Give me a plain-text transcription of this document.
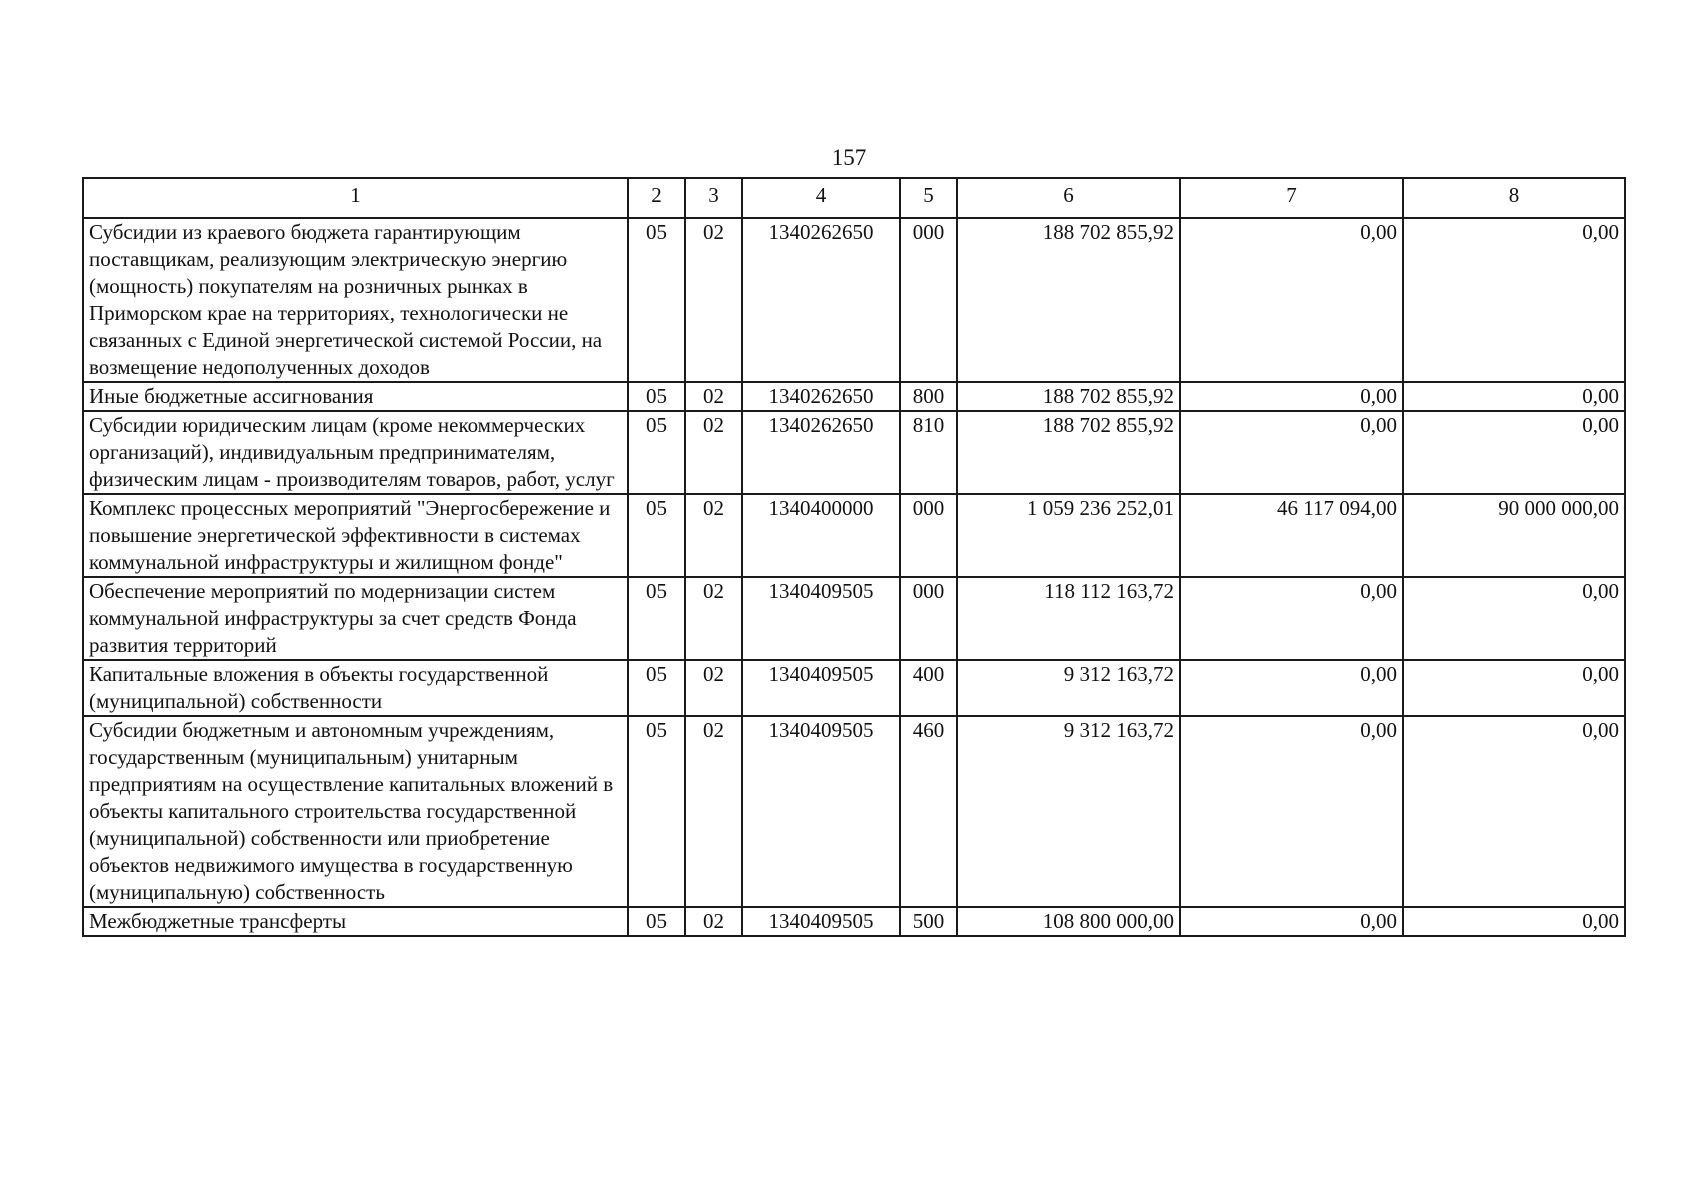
157
1	2	3	4	5	6	7	8
Субсидии из краевого бюджета гарантирующим поставщикам, реализующим электрическую энергию (мощность) покупателям на розничных рынках в Приморском крае на территориях, технологически не связанных с Единой энергетической системой России, на возмещение недополученных доходов	05	02	1340262650	000	188 702 855,92	0,00	0,00
Иные бюджетные ассигнования	05	02	1340262650	800	188 702 855,92	0,00	0,00
Субсидии юридическим лицам (кроме некоммерческих организаций), индивидуальным предпринимателям, физическим лицам - производителям товаров, работ, услуг	05	02	1340262650	810	188 702 855,92	0,00	0,00
Комплекс процессных мероприятий "Энергосбережение и повышение энергетической эффективности в системах коммунальной инфраструктуры и жилищном фонде"	05	02	1340400000	000	1 059 236 252,01	46 117 094,00	90 000 000,00
Обеспечение мероприятий по модернизации систем коммунальной инфраструктуры за счет средств Фонда развития территорий	05	02	1340409505	000	118 112 163,72	0,00	0,00
Капитальные вложения в объекты государственной (муниципальной) собственности	05	02	1340409505	400	9 312 163,72	0,00	0,00
Субсидии бюджетным и автономным учреждениям, государственным (муниципальным) унитарным предприятиям на осуществление капитальных вложений в объекты капитального строительства государственной (муниципальной) собственности или приобретение объектов недвижимого имущества в государственную (муниципальную) собственность	05	02	1340409505	460	9 312 163,72	0,00	0,00
Межбюджетные трансферты	05	02	1340409505	500	108 800 000,00	0,00	0,00
